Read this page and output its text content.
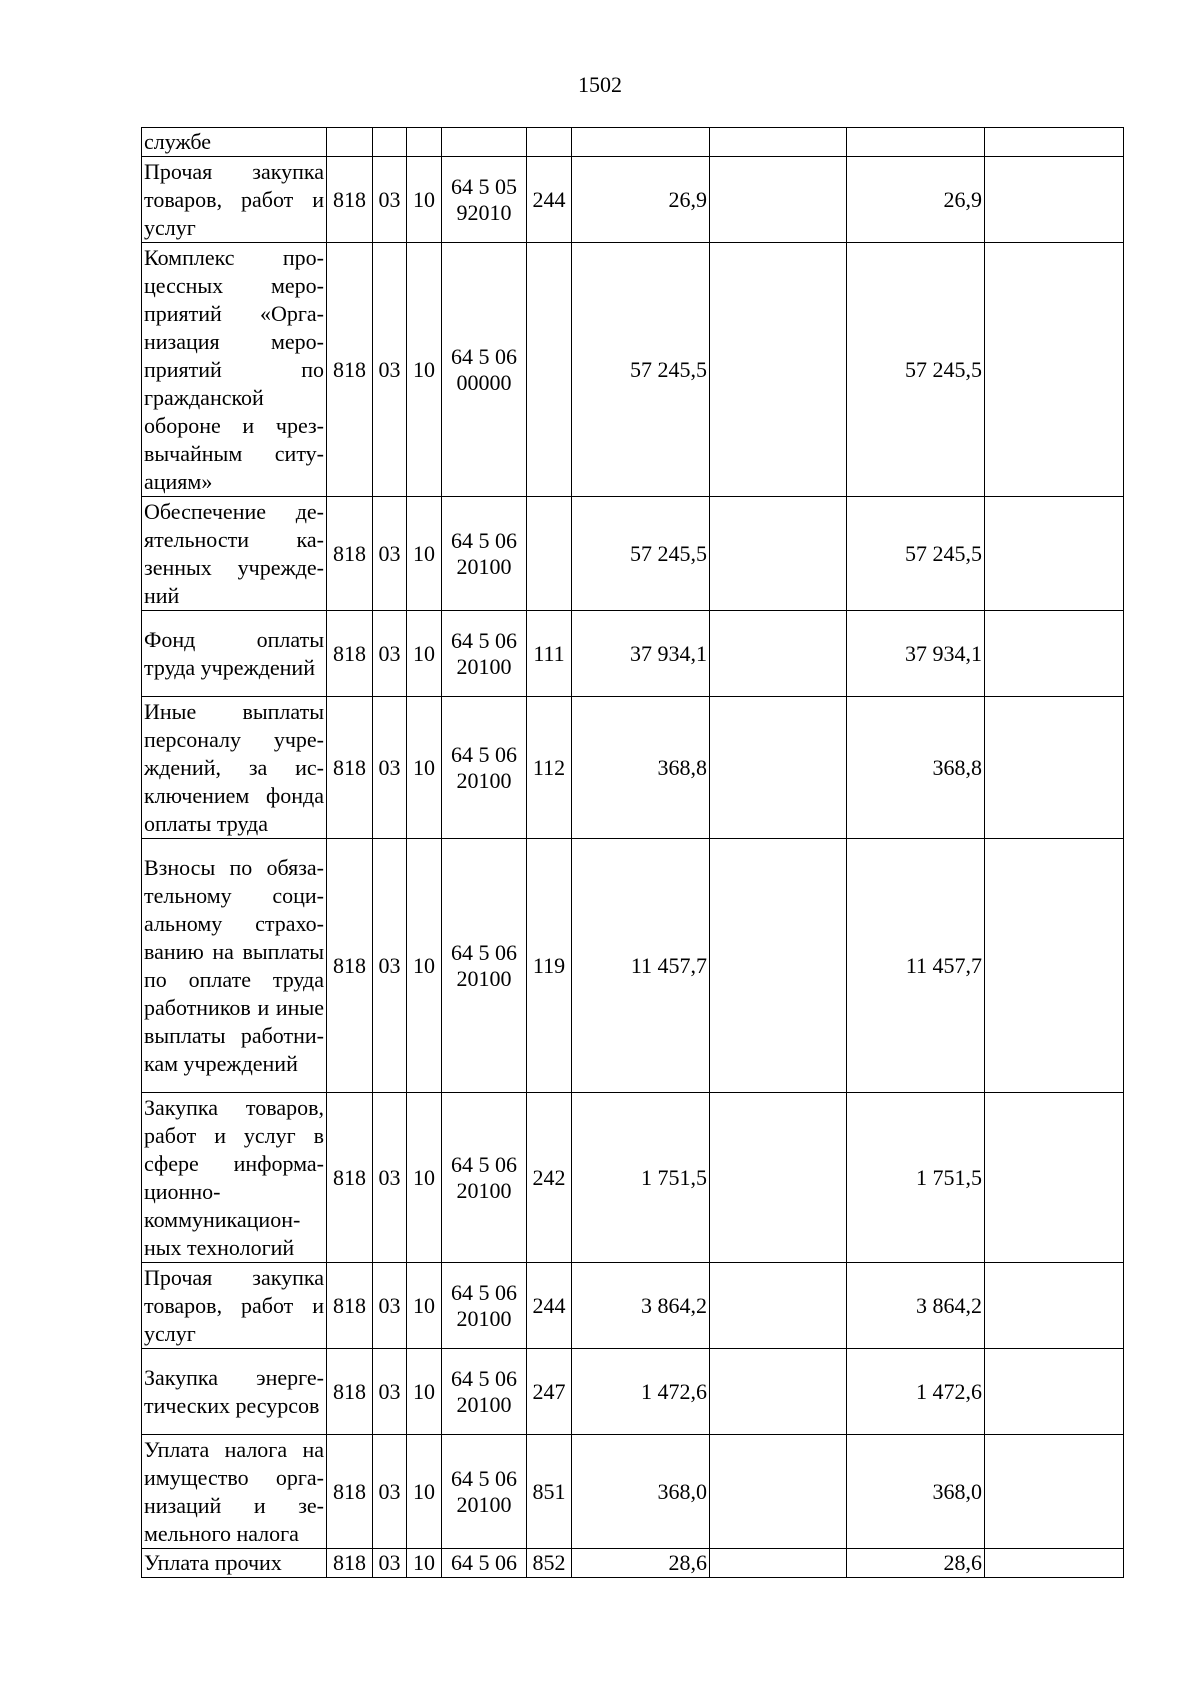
1502
службе									
Прочая закупка товаров, работ и услуг	818	03	10	64 5 05 92010	244	26,9		26,9	
Комплекс процессных мероприятий «Организация мероприятий по гражданской обороне и чрезвычайным ситуациям»	818	03	10	64 5 06 00000		57 245,5		57 245,5	
Обеспечение деятельности казенных учреждений	818	03	10	64 5 06 20100		57 245,5		57 245,5	
Фонд оплаты труда учреждений	818	03	10	64 5 06 20100	111	37 934,1		37 934,1	
Иные выплаты персоналу учреждений, за исключением фонда оплаты труда	818	03	10	64 5 06 20100	112	368,8		368,8	
Взносы по обязательному социальному страхованию на выплаты по оплате труда работников и иные выплаты работникам учреждений	818	03	10	64 5 06 20100	119	11 457,7		11 457,7	
Закупка товаров, работ и услуг в сфере информационно-коммуникационных технологий	818	03	10	64 5 06 20100	242	1 751,5		1 751,5	
Прочая закупка товаров, работ и услуг	818	03	10	64 5 06 20100	244	3 864,2		3 864,2	
Закупка энергетических ресурсов	818	03	10	64 5 06 20100	247	1 472,6		1 472,6	
Уплата налога на имущество организаций и земельного налога	818	03	10	64 5 06 20100	851	368,0		368,0	
Уплата прочих	818	03	10	64 5 06	852	28,6		28,6	
